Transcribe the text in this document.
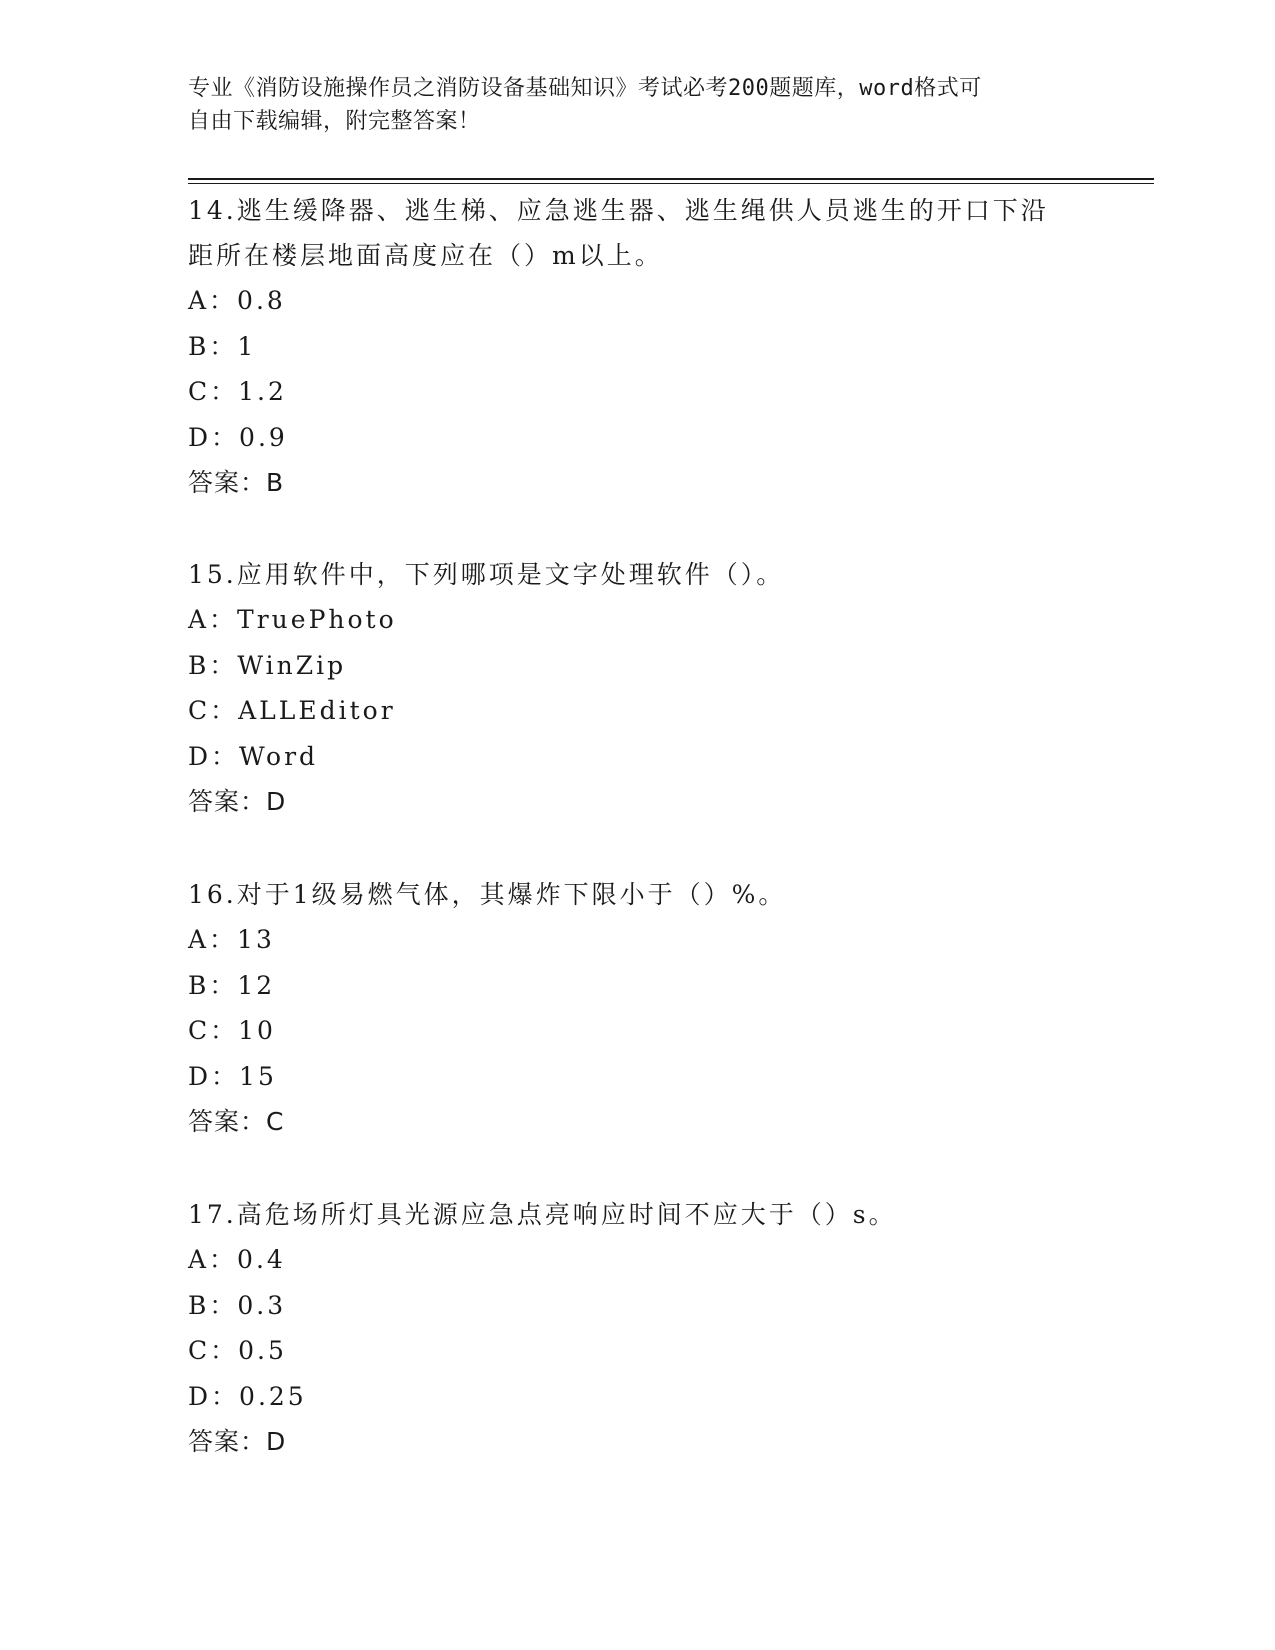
专业《消防设施操作员之消防设备基础知识》考试必考200题题库，word格式可
自由下载编辑，附完整答案！
14.逃生缓降器、逃生梯、应急逃生器、逃生绳供人员逃生的开口下沿
距所在楼层地面高度应在（）m以上。
A：0.8
B：1
C：1.2
D：0.9
答案：B
15.应用软件中，下列哪项是文字处理软件（）。
A：TruePhoto
B：WinZip
C：ALLEditor
D：Word
答案：D
16.对于1级易燃气体，其爆炸下限小于（）%。
A：13
B：12
C：10
D：15
答案：C
17.高危场所灯具光源应急点亮响应时间不应大于（）s。
A：0.4
B：0.3
C：0.5
D：0.25
答案：D
